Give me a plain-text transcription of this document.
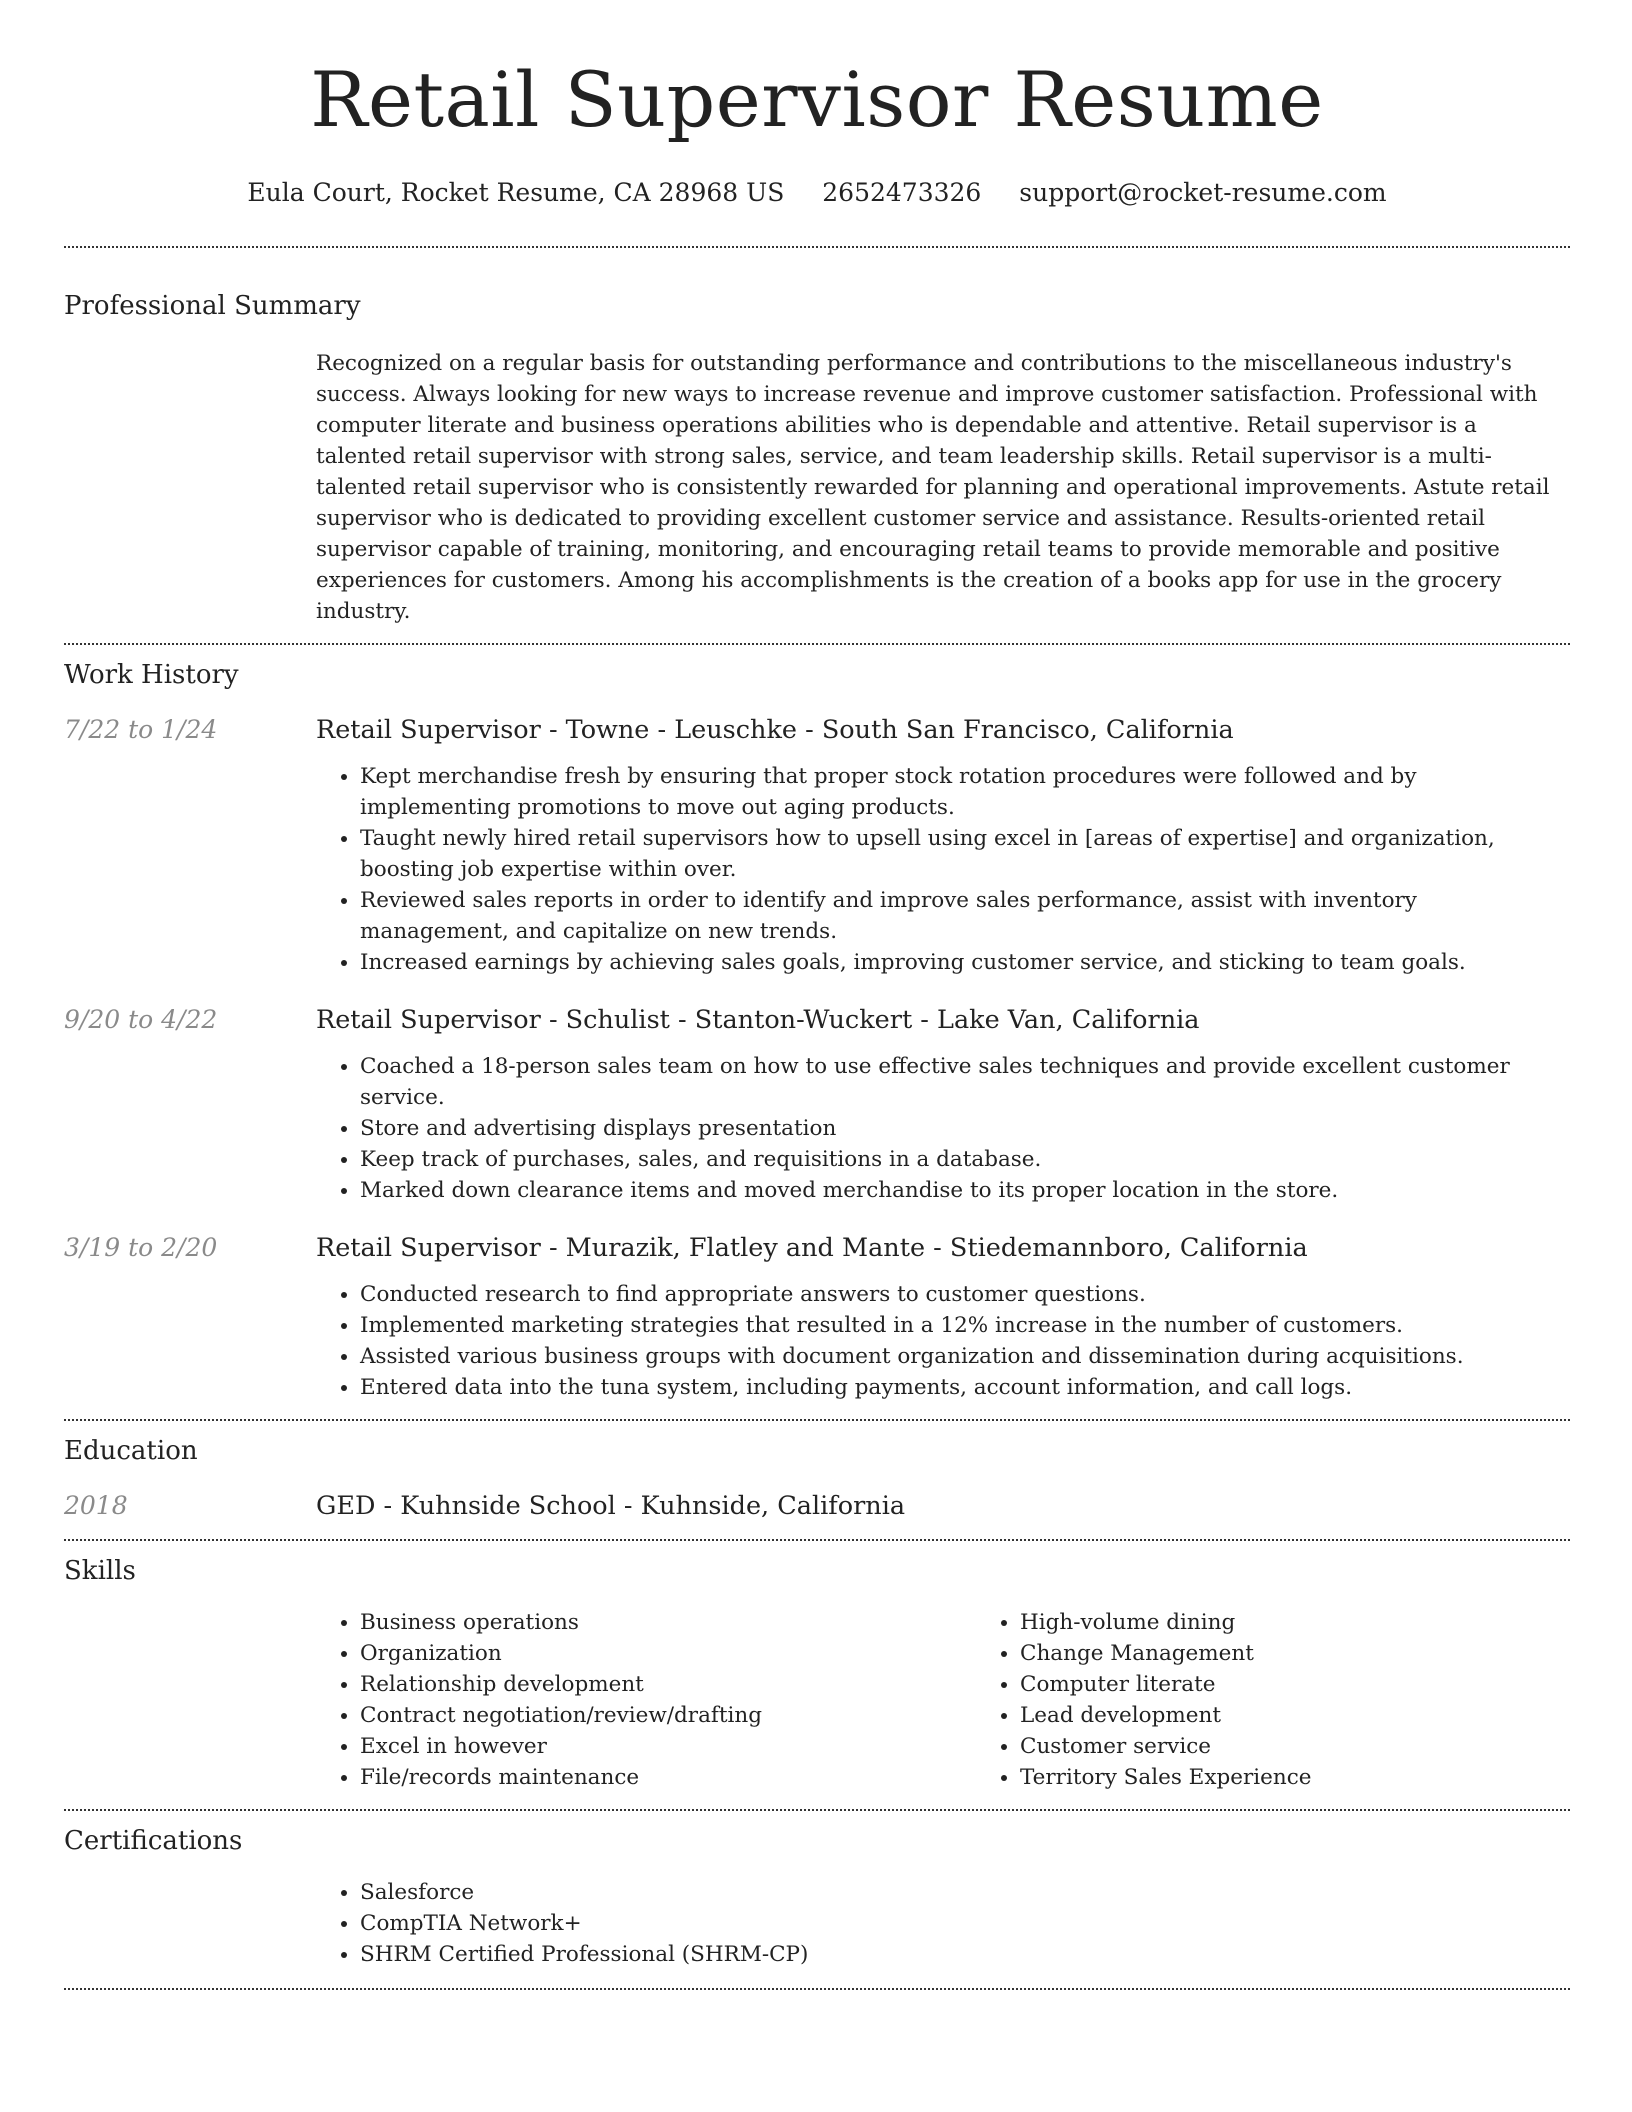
Retail Supervisor Resume
Eula Court, Rocket Resume, CA 28968 US 2652473326 support@rocket-resume.com
Professional Summary

Recognized on a regular basis for outstanding performance and contributions to the miscellaneous industry's success. Always looking for new ways to increase revenue and improve customer satisfaction. Professional with computer literate and business operations abilities who is dependable and attentive. Retail supervisor is a talented retail supervisor with strong sales, service, and team leadership skills. Retail supervisor is a multi-talented retail supervisor who is consistently rewarded for planning and operational improvements. Astute retail supervisor who is dedicated to providing excellent customer service and assistance. Results-oriented retail supervisor capable of training, monitoring, and encouraging retail teams to provide memorable and positive experiences for customers. Among his accomplishments is the creation of a books app for use in the grocery industry.

Work History
7/22 to 1/24	Retail Supervisor - Towne - Leuschke - South San Francisco, California
• Kept merchandise fresh by ensuring that proper stock rotation procedures were followed and by implementing promotions to move out aging products.
• Taught newly hired retail supervisors how to upsell using excel in [areas of expertise] and organization, boosting job expertise within over.
• Reviewed sales reports in order to identify and improve sales performance, assist with inventory management, and capitalize on new trends.
• Increased earnings by achieving sales goals, improving customer service, and sticking to team goals.
9/20 to 4/22	Retail Supervisor - Schulist - Stanton-Wuckert - Lake Van, California
• Coached a 18-person sales team on how to use effective sales techniques and provide excellent customer service.
• Store and advertising displays presentation
• Keep track of purchases, sales, and requisitions in a database.
• Marked down clearance items and moved merchandise to its proper location in the store.
3/19 to 2/20	Retail Supervisor - Murazik, Flatley and Mante - Stiedemannboro, California
• Conducted research to find appropriate answers to customer questions.
• Implemented marketing strategies that resulted in a 12% increase in the number of customers.
• Assisted various business groups with document organization and dissemination during acquisitions.
• Entered data into the tuna system, including payments, account information, and call logs.
Education
2018	GED - Kuhnside School - Kuhnside, California
Skills
• Business operations
• Organization
• Relationship development
• Contract negotiation/review/drafting
• Excel in however
• File/records maintenance
• High-volume dining
• Change Management
• Computer literate
• Lead development
• Customer service
• Territory Sales Experience
Certifications
• Salesforce
• CompTIA Network+
• SHRM Certified Professional (SHRM-CP)
